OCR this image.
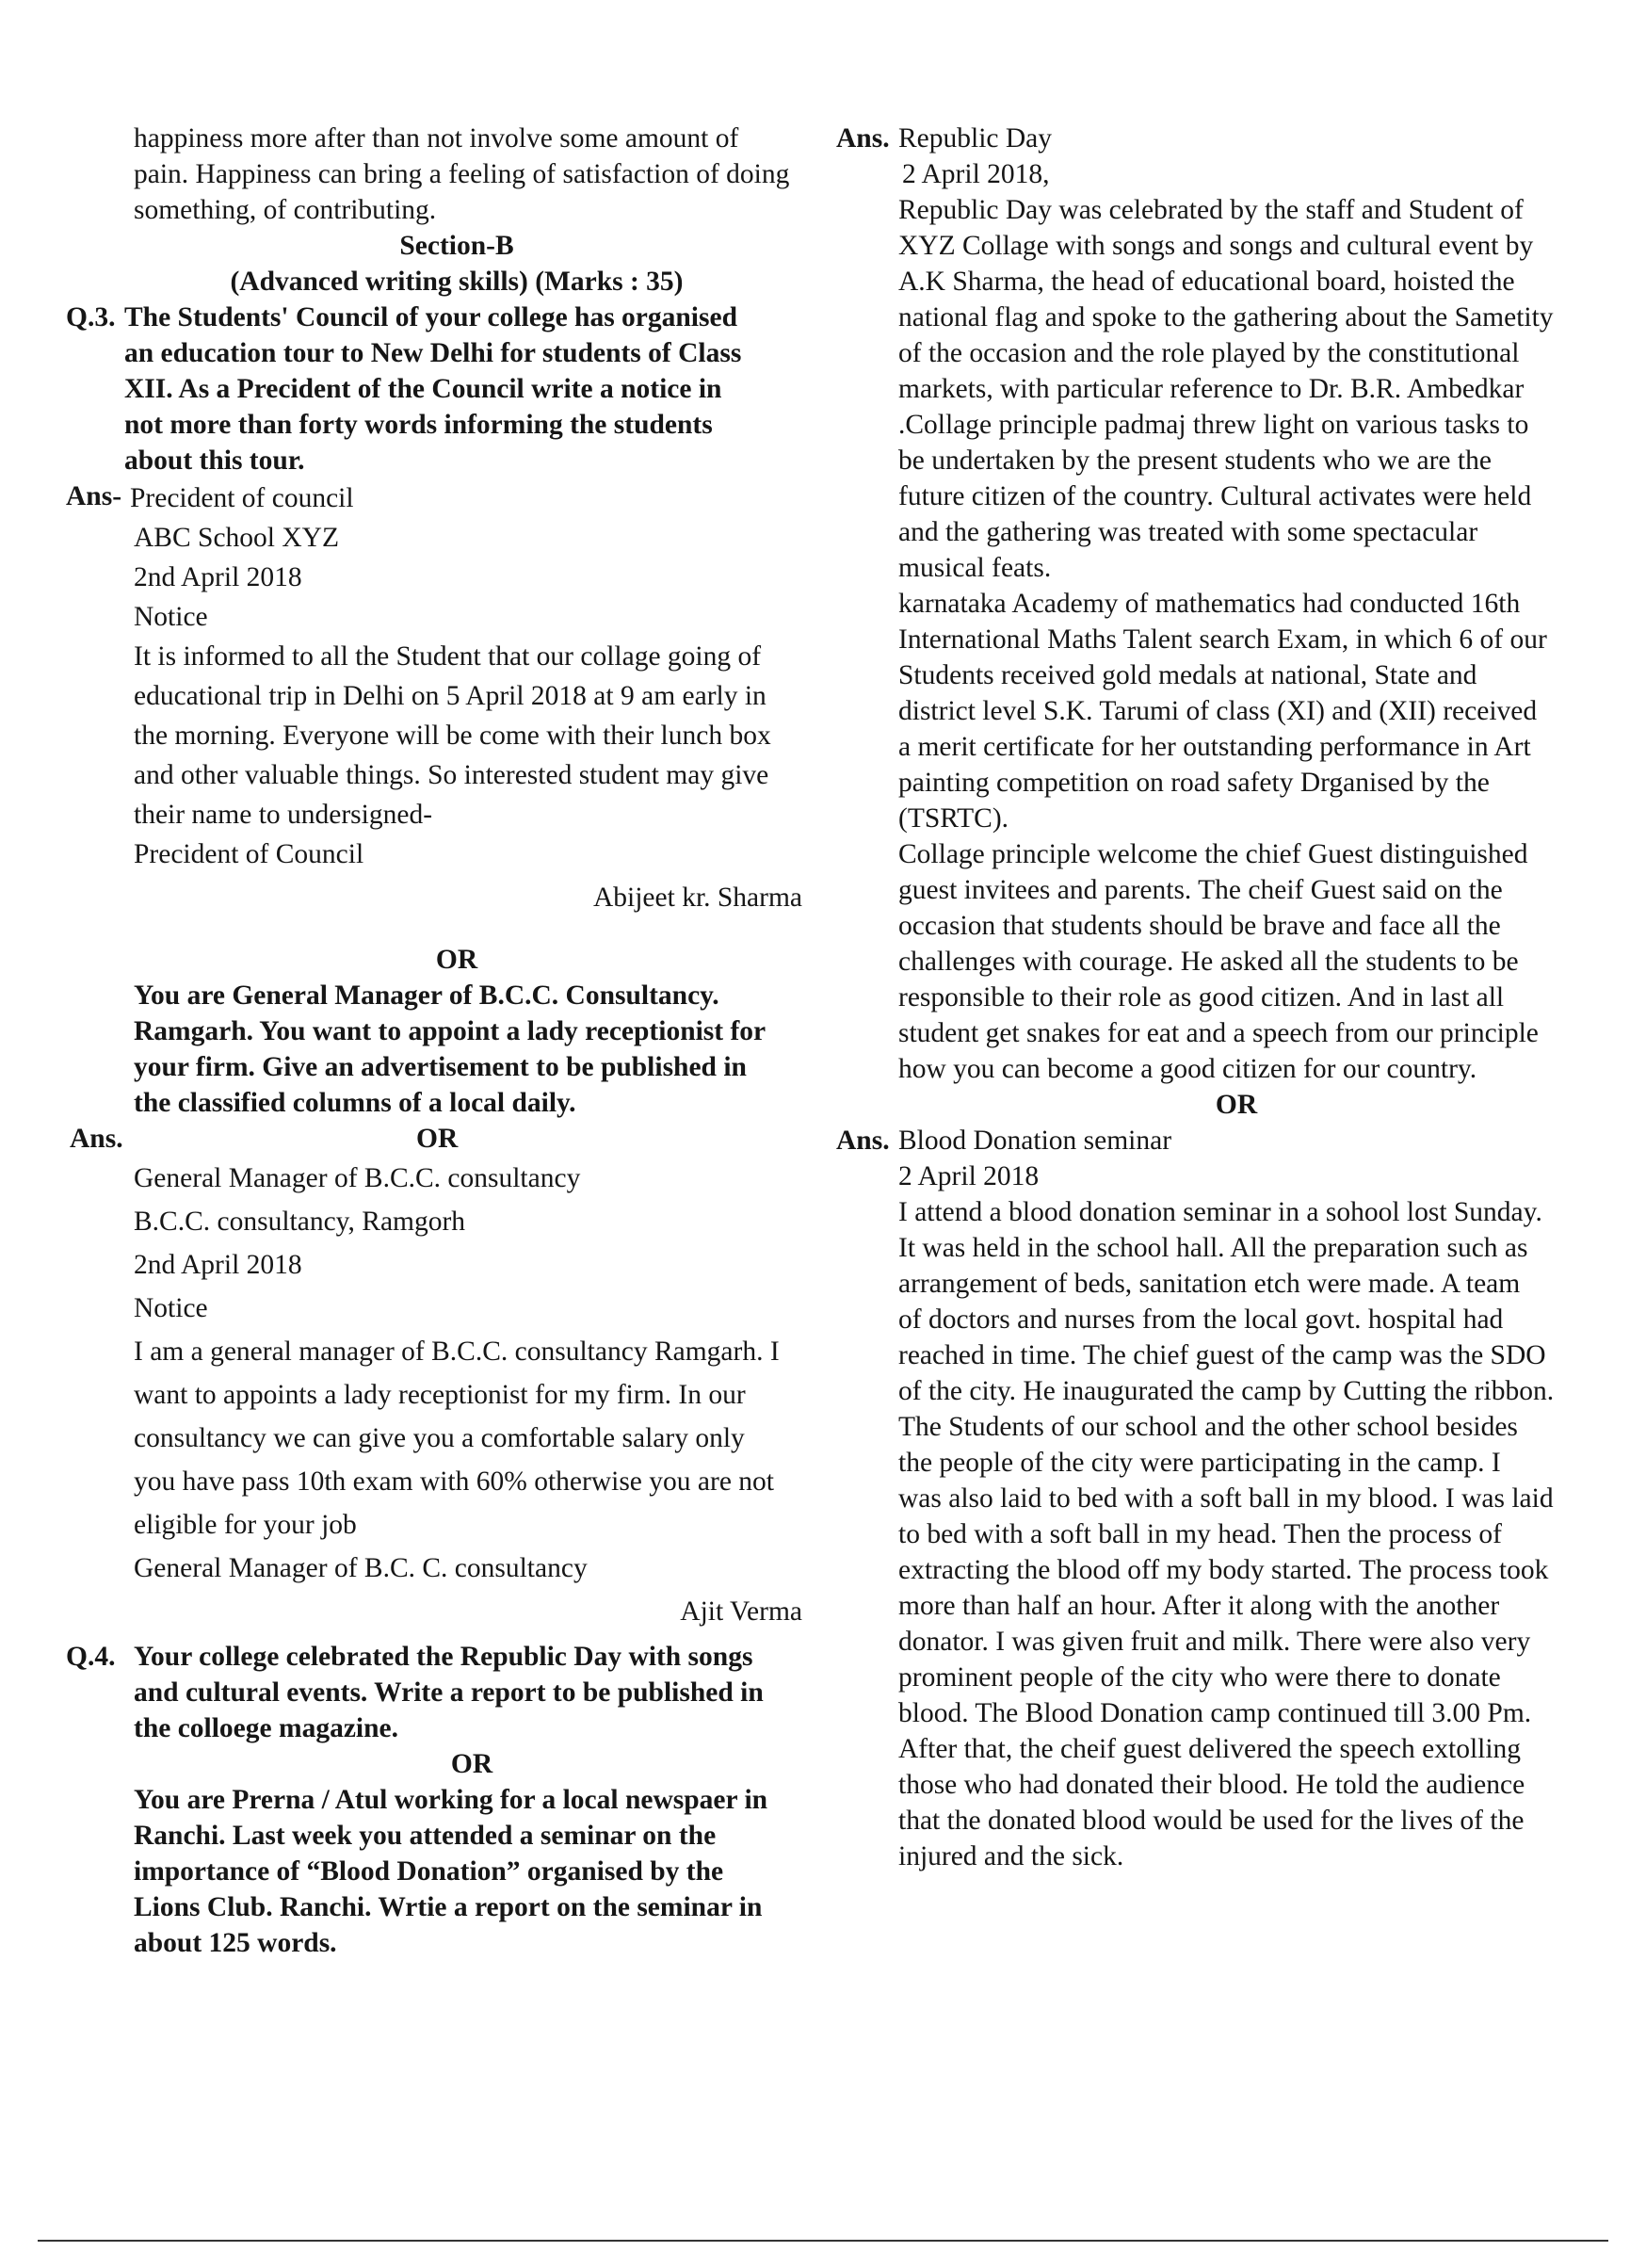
happiness more after than not involve some amount of

pain. Happiness can bring a feeling of satisfaction of doing

something, of contributing.

Section-B

(Advanced writing skills) (Marks : 35)

Q.3. The Students' Council of your college has organised

an education tour to New Delhi for students of Class

XII. As a Precident of the Council write a notice in

not more than forty words informing the students

about this tour.

Ans- Precident of council

ABC School XYZ

2nd April 2018

Notice

It is informed to all the Student that our collage going of

educational trip in Delhi on 5 April 2018 at 9 am early in

the morning. Everyone will be come with their lunch box

and other valuable things. So interested student may give

their name to undersigned-

Precident of Council

Abijeet kr. Sharma

OR

You are General Manager of B.C.C. Consultancy.

Ramgarh. You want to appoint a lady receptionist for

your firm. Give an advertisement to be published in

the classified columns of a local daily.

Ans.	OR

General Manager of B.C.C. consultancy

B.C.C. consultancy, Ramgorh

2nd April 2018

Notice

I am a general manager of B.C.C. consultancy Ramgarh. I

want to appoints a lady receptionist for my firm. In our

consultancy we can give you a comfortable salary only

you have pass 10th exam with 60% otherwise you are not

eligible for your job

General Manager of B.C. C. consultancy

Ajit Verma

Q.4. Your college celebrated the Republic Day with songs

and cultural events. Write a report to be published in

the colloege magazine.

OR

You are Prerna / Atul working for a local newspaer in

Ranchi. Last week you attended a seminar on the

importance of “Blood Donation” organised by the

Lions Club. Ranchi. Wrtie a report on the seminar in

about 125 words.

Ans. Republic Day

2 April 2018,

Republic Day was celebrated by the staff and Student of

XYZ Collage with songs and songs and cultural event by

A.K Sharma, the head of educational board, hoisted the

national flag and spoke to the gathering about the Sametity

of the occasion and the role played by the constitutional

markets, with particular reference to Dr. B.R. Ambedkar

.Collage principle padmaj threw light on various tasks to

be undertaken by the present students who we are the

future citizen of the country. Cultural activates were held

and the gathering was treated with some spectacular

musical feats.

karnataka Academy of mathematics had conducted 16th

International Maths Talent search Exam, in which 6 of our

Students received gold medals at national, State and

district level S.K. Tarumi of class (XI) and (XII) received

a merit certificate for her outstanding performance in Art

painting competition on road safety Drganised by the

(TSRTC).

Collage principle welcome the chief Guest distinguished

guest invitees and parents. The cheif Guest said on the

occasion that students should be brave and face all the

challenges with courage. He asked all the students to be

responsible to their role as good citizen. And in last all

student get snakes for eat and a speech from our principle

how you can become a good citizen for our country.

OR

Ans. Blood Donation seminar

2 April 2018

I attend a blood donation seminar in a sohool lost Sunday.

It was held in the school hall. All the preparation such as

arrangement of beds, sanitation etch were made. A team

of doctors and nurses from the local govt. hospital had

reached in time. The chief guest of the camp was the SDO

of the city. He inaugurated the camp by Cutting the ribbon.

The Students of our school and the other school besides

the people of the city were participating in the camp. I

was also laid to bed with a soft ball in my blood. I was laid

to bed with a soft ball in my head. Then the process of

extracting the blood off my body started. The process took

more than half an hour. After it along with the another

donator. I was given fruit and milk. There were also very

prominent people of the city who were there to donate

blood. The Blood Donation camp continued till 3.00 Pm.

After that, the cheif guest delivered the speech extolling

those who had donated their blood. He told the audience

that the donated blood would be used for the lives of the

injured and the sick.
